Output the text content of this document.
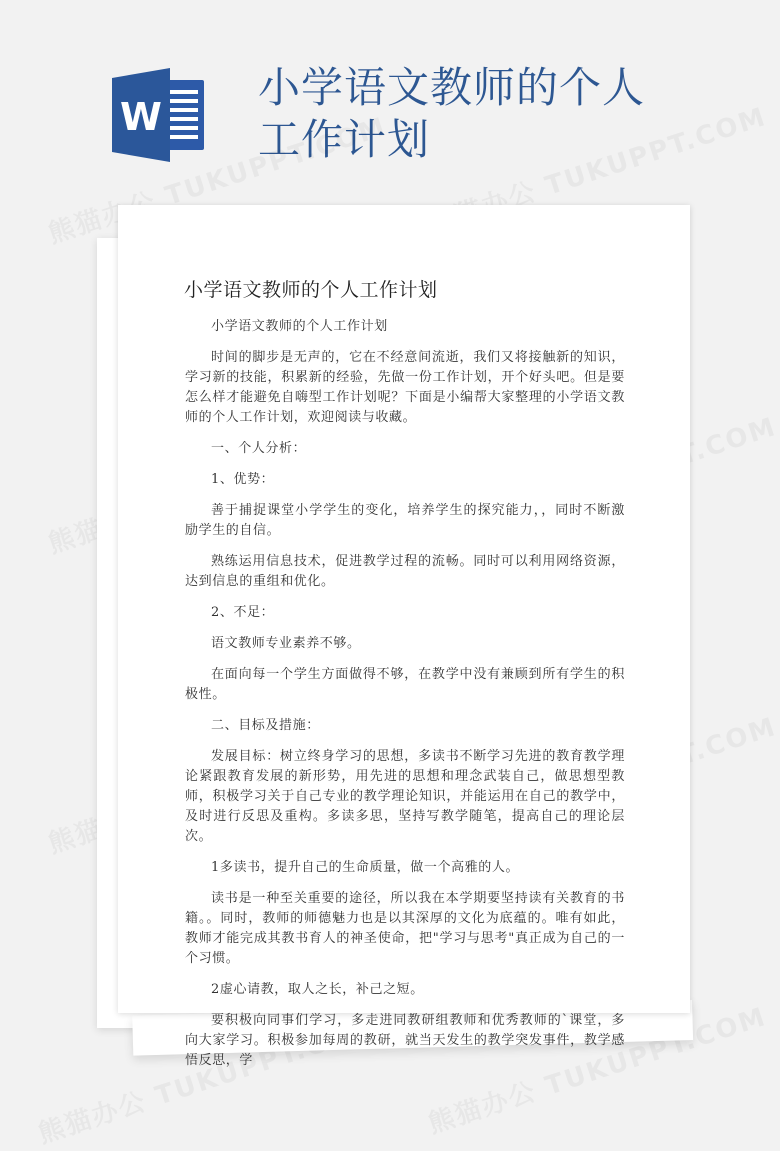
W
小学语文教师的个人工作计划
小学语文教师的个人工作计划

小学语文教师的个人工作计划

时间的脚步是无声的，它在不经意间流逝，我们又将接触新的知识，学习新的技能，积累新的经验，先做一份工作计划，开个好头吧。但是要怎么样才能避免自嗨型工作计划呢？下面是小编帮大家整理的小学语文教师的个人工作计划，欢迎阅读与收藏。

一、个人分析：

1、优势：

善于捕捉课堂小学学生的变化，培养学生的探究能力，，同时不断激励学生的自信。

熟练运用信息技术，促进教学过程的流畅。同时可以利用网络资源，达到信息的重组和优化。

2、不足：

语文教师专业素养不够。

在面向每一个学生方面做得不够，在教学中没有兼顾到所有学生的积极性。

二、目标及措施：

发展目标：树立终身学习的思想，多读书不断学习先进的教育教学理论紧跟教育发展的新形势，用先进的思想和理念武装自己，做思想型教师，积极学习关于自己专业的教学理论知识，并能运用在自己的教学中，及时进行反思及重构。多读多思，坚持写教学随笔，提高自己的理论层次。

1多读书，提升自己的生命质量，做一个高雅的人。

读书是一种至关重要的途径，所以我在本学期要坚持读有关教育的书籍。。同时，教师的师德魅力也是以其深厚的文化为底蕴的。唯有如此，教师才能完成其教书育人的神圣使命，把"学习与思考"真正成为自己的一个习惯。

2虚心请教，取人之长，补己之短。

要积极向同事们学习，多走进同教研组教师和优秀教师的`课堂，多向大家学习。积极参加每周的教研，就当天发生的教学突发事件，教学感悟反思，学
